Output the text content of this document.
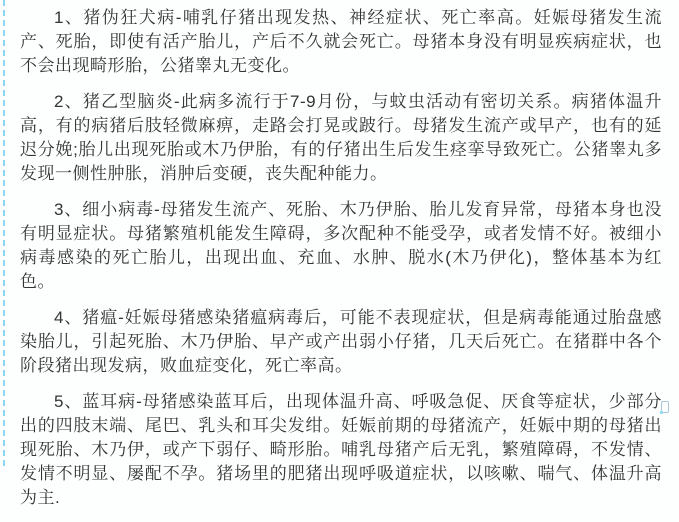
1、猪伪狂犬病-哺乳仔猪出现发热、神经症状、死亡率高。妊娠母猪发生流产、死胎，即使有活产胎儿，产后不久就会死亡。母猪本身没有明显疾病症状，也不会出现畸形胎，公猪睾丸无变化。

2、猪乙型脑炎-此病多流行于7-9月份，与蚊虫活动有密切关系。病猪体温升高，有的病猪后肢轻微麻痹，走路会打晃或跛行。母猪发生流产或早产，也有的延迟分娩;胎儿出现死胎或木乃伊胎，有的仔猪出生后发生痉挛导致死亡。公猪睾丸多发现一侧性肿胀，消肿后变硬，丧失配种能力。

3、细小病毒-母猪发生流产、死胎、木乃伊胎、胎儿发育异常，母猪本身也没有明显症状。母猪繁殖机能发生障碍，多次配种不能受孕，或者发情不好。被细小病毒感染的死亡胎儿，出现出血、充血、水肿、脱水(木乃伊化)，整体基本为红色。

4、猪瘟-妊娠母猪感染猪瘟病毒后，可能不表现症状，但是病毒能通过胎盘感染胎儿，引起死胎、木乃伊胎、早产或产出弱小仔猪，几天后死亡。在猪群中各个阶段猪出现发病，败血症变化，死亡率高。

5、蓝耳病-母猪感染蓝耳后，出现体温升高、呼吸急促、厌食等症状，少部分出的四肢末端、尾巴、乳头和耳尖发绀。妊娠前期的母猪流产，妊娠中期的母猪出现死胎、木乃伊，或产下弱仔、畸形胎。哺乳母猪产后无乳，繁殖障碍，不发情、发情不明显、屡配不孕。猪场里的肥猪出现呼吸道症状，以咳嗽、喘气、体温升高为主.
